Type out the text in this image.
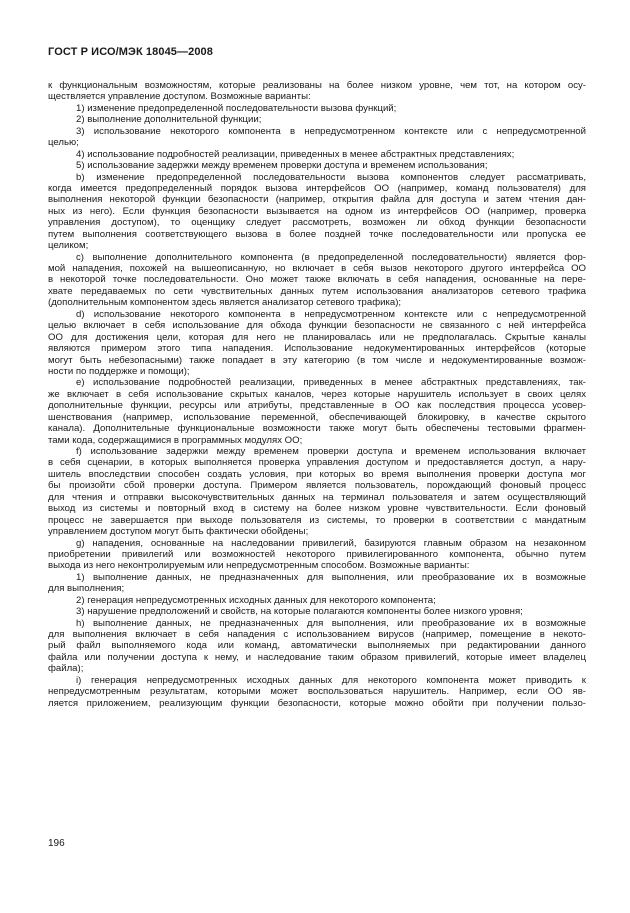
ГОСТ Р ИСО/МЭК 18045—2008
к функциональным возможностям, которые реализованы на более низком уровне, чем тот, на котором осу-
ществляется управление доступом. Возможные варианты:
1) изменение предопределенной последовательности вызова функций;
2) выполнение дополнительной функции;
3) использование некоторого компонента в непредусмотренном контексте или с непредусмотренной
целью;
4) использование подробностей реализации, приведенных в менее абстрактных представлениях;
5) использование задержки между временем проверки доступа и временем использования;
b) изменение предопределенной последовательности вызова компонентов следует рассматривать,
когда имеется предопределенный порядок вызова интерфейсов ОО (например, команд пользователя) для
выполнения некоторой функции безопасности (например, открытия файла для доступа и затем чтения дан-
ных из него). Если функция безопасности вызывается на одном из интерфейсов ОО (например, проверка
управления доступом), то оценщику следует рассмотреть, возможен ли обход функции безопасности
путем выполнения соответствующего вызова в более поздней точке последовательности или пропуска ее
целиком;
c) выполнение дополнительного компонента (в предопределенной последовательности) является фор-
мой нападения, похожей на вышеописанную, но включает в себя вызов некоторого другого интерфейса ОО
в некоторой точке последовательности. Оно может также включать в себя нападения, основанные на пере-
хвате передаваемых по сети чувствительных данных путем использования анализаторов сетевого трафика
(дополнительным компонентом здесь является анализатор сетевого трафика);
d) использование некоторого компонента в непредусмотренном контексте или с непредусмотренной
целью включает в себя использование для обхода функции безопасности не связанного с ней интерфейса
ОО для достижения цели, которая для него не планировалась или не предполагалась. Скрытые каналы
являются примером этого типа нападения. Использование недокументированных интерфейсов (которые
могут быть небезопасными) также попадает в эту категорию (в том числе и недокументированные возмож-
ности по поддержке и помощи);
e) использование подробностей реализации, приведенных в менее абстрактных представлениях, так-
же включает в себя использование скрытых каналов, через которые нарушитель использует в своих целях
дополнительные функции, ресурсы или атрибуты, представленные в ОО как последствия процесса усовер-
шенствования (например, использование переменной, обеспечивающей блокировку, в качестве скрытого
канала). Дополнительные функциональные возможности также могут быть обеспечены тестовыми фрагмен-
тами кода, содержащимися в программных модулях ОО;
f) использование задержки между временем проверки доступа и временем использования включает
в себя сценарии, в которых выполняется проверка управления доступом и предоставляется доступ, а нару-
шитель впоследствии способен создать условия, при которых во время выполнения проверки доступа мог
бы произойти сбой проверки доступа. Примером является пользователь, порождающий фоновый процесс
для чтения и отправки высокочувствительных данных на терминал пользователя и затем осуществляющий
выход из системы и повторный вход в систему на более низком уровне чувствительности. Если фоновый
процесс не завершается при выходе пользователя из системы, то проверки в соответствии с мандатным
управлением доступом могут быть фактически обойдены;
g) нападения, основанные на наследовании привилегий, базируются главным образом на незаконном
приобретении привилегий или возможностей некоторого привилегированного компонента, обычно путем
выхода из него неконтролируемым или непредусмотренным способом. Возможные варианты:
1) выполнение данных, не предназначенных для выполнения, или преобразование их в возможные
для выполнения;
2) генерация непредусмотренных исходных данных для некоторого компонента;
3) нарушение предположений и свойств, на которые полагаются компоненты более низкого уровня;
h) выполнение данных, не предназначенных для выполнения, или преобразование их в возможные
для выполнения включает в себя нападения с использованием вирусов (например, помещение в некото-
рый файл выполняемого кода или команд, автоматически выполняемых при редактировании данного
файла или получении доступа к нему, и наследование таким образом привилегий, которые имеет владелец
файла);
i) генерация непредусмотренных исходных данных для некоторого компонента может приводить к
непредусмотренным результатам, которыми может воспользоваться нарушитель. Например, если ОО яв-
ляется приложением, реализующим функции безопасности, которые можно обойти при получении пользо-
196
